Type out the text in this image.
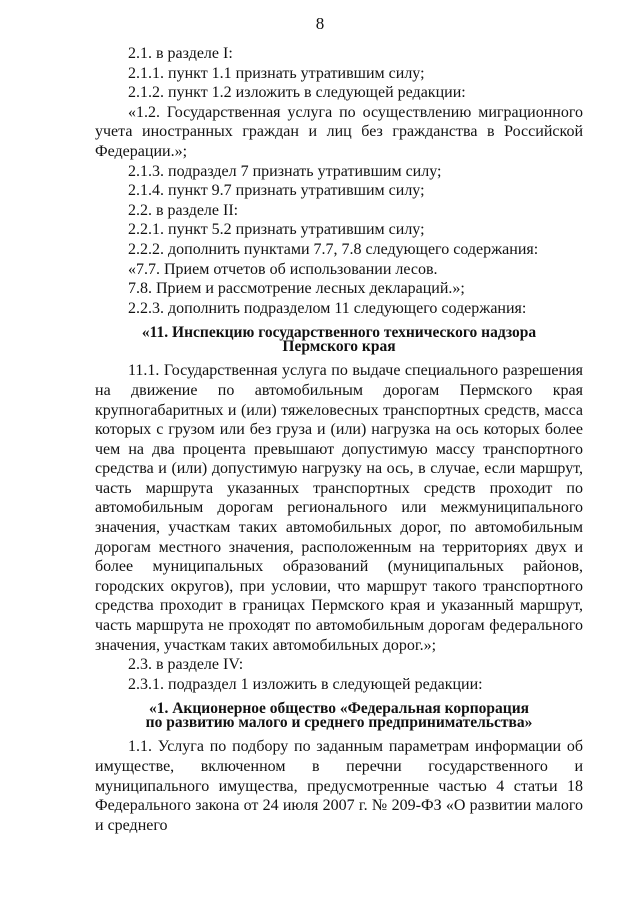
8

2.1. в разделе I:

2.1.1. пункт 1.1 признать утратившим силу;

2.1.2. пункт 1.2 изложить в следующей редакции:

«1.2. Государственная услуга по осуществлению миграционного учета иностранных граждан и лиц без гражданства в Российской Федерации.»;

2.1.3. подраздел 7 признать утратившим силу;

2.1.4. пункт 9.7 признать утратившим силу;

2.2. в разделе II:

2.2.1. пункт 5.2 признать утратившим силу;

2.2.2. дополнить пунктами 7.7, 7.8 следующего содержания:

«7.7. Прием отчетов об использовании лесов.

7.8. Прием и рассмотрение лесных деклараций.»;

2.2.3. дополнить подразделом 11 следующего содержания:

«11. Инспекцию государственного технического надзора
Пермского края

11.1. Государственная услуга по выдаче специального разрешения на движение по автомобильным дорогам Пермского края крупногабаритных и (или) тяжеловесных транспортных средств, масса которых с грузом или без груза и (или) нагрузка на ось которых более чем на два процента превышают допустимую массу транспортного средства и (или) допустимую нагрузку на ось, в случае, если маршрут, часть маршрута указанных транспортных средств проходит по автомобильным дорогам регионального или межмуниципального значения, участкам таких автомобильных дорог, по автомобильным дорогам местного значения, расположенным на территориях двух и более муниципальных образований (муниципальных районов, городских округов), при условии, что маршрут такого транспортного средства проходит в границах Пермского края и указанный маршрут, часть маршрута не проходят по автомобильным дорогам федерального значения, участкам таких автомобильных дорог.»;

2.3. в разделе IV:

2.3.1. подраздел 1 изложить в следующей редакции:

«1. Акционерное общество «Федеральная корпорация
по развитию малого и среднего предпринимательства»

1.1. Услуга по подбору по заданным параметрам информации об имуществе, включенном в перечни государственного и муниципального имущества, предусмотренные частью 4 статьи 18 Федерального закона от 24 июля 2007 г. № 209-ФЗ «О развитии малого и среднего
